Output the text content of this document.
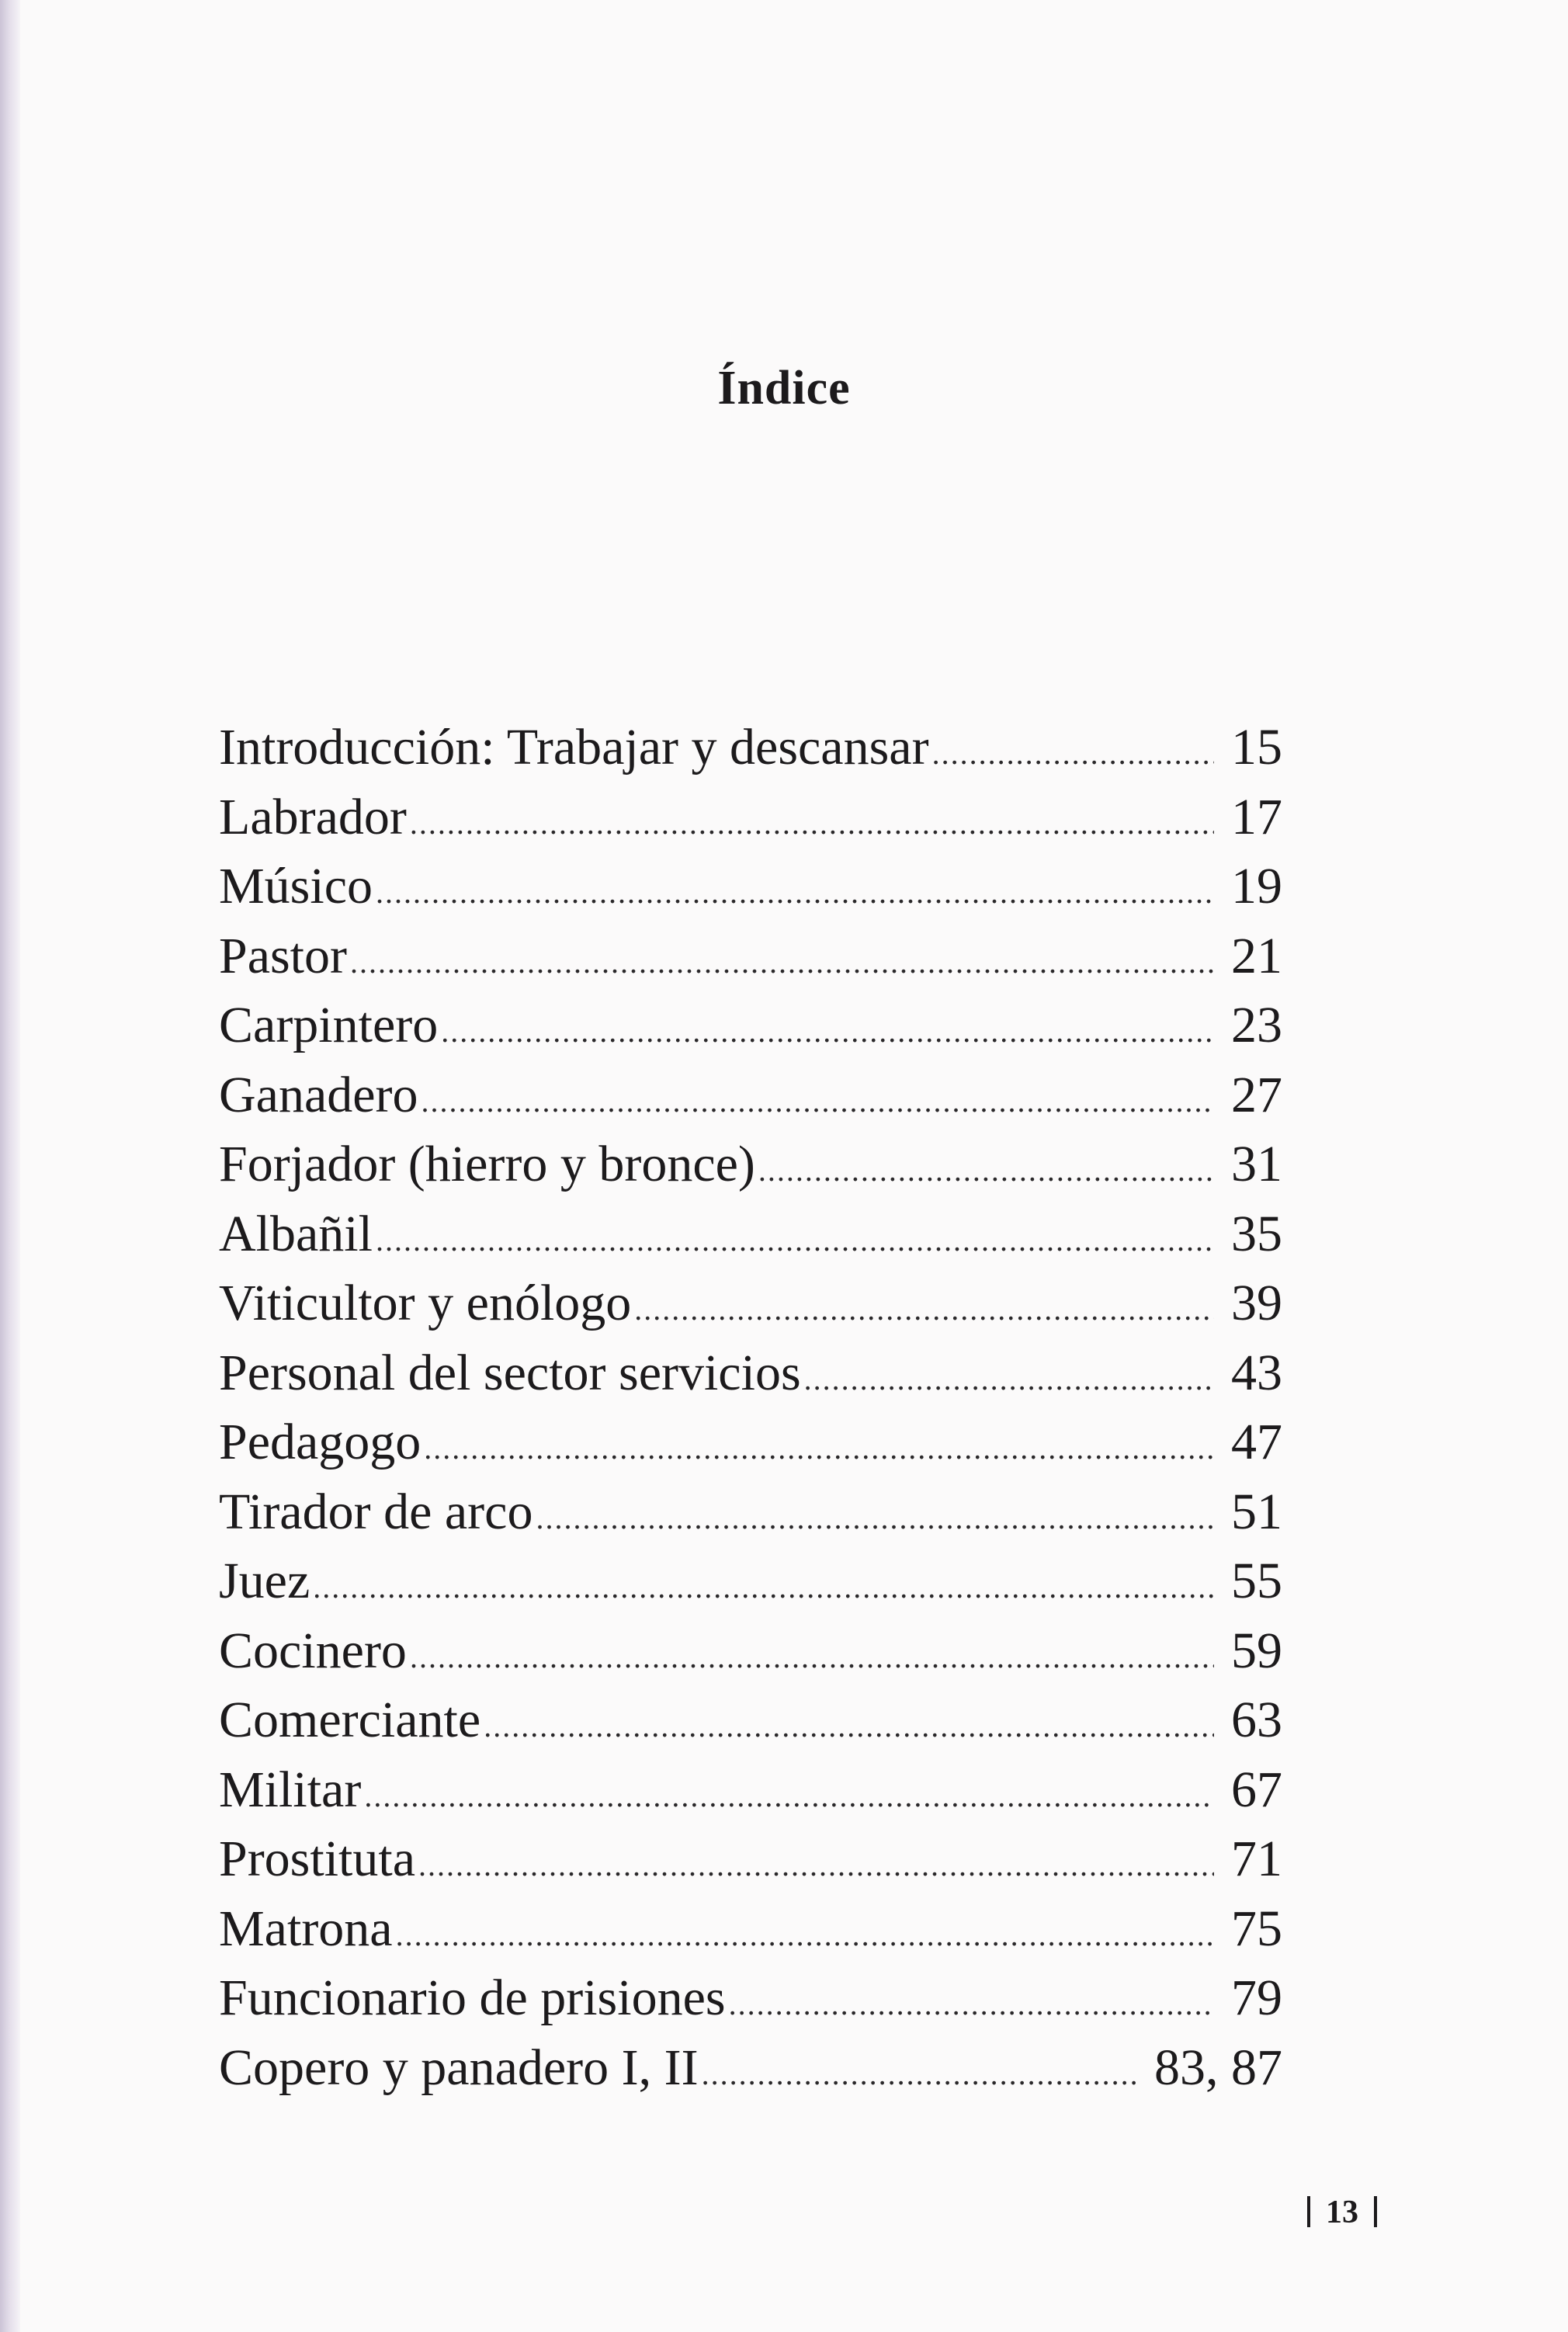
Índice
Introducción: Trabajar y descansar .....	15
Labrador .....	17
Músico .....	19
Pastor .....	21
Carpintero .....	23
Ganadero .....	27
Forjador (hierro y bronce) .....	31
Albañil .....	35
Viticultor y enólogo .....	39
Personal del sector servicios .....	43
Pedagogo .....	47
Tirador de arco .....	51
Juez .....	55
Cocinero .....	59
Comerciante .....	63
Militar .....	67
Prostituta .....	71
Matrona .....	75
Funcionario de prisiones .....	79
Copero y panadero I, II .....	83, 87
13
